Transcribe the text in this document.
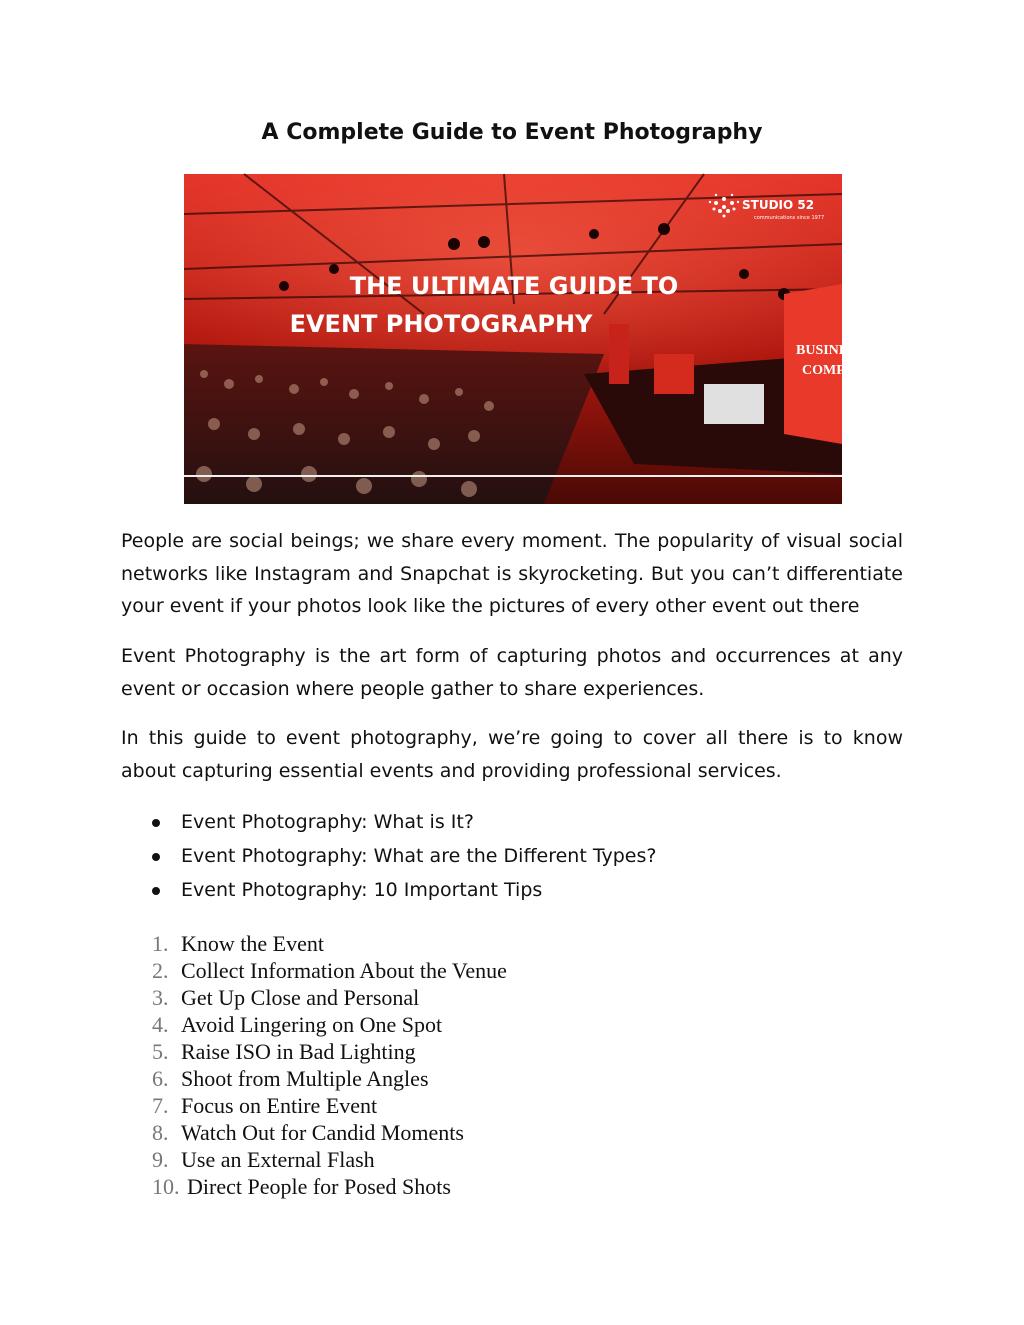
A Complete Guide to Event Photography
BUSINES
COMP
THE ULTIMATE GUIDE TO
EVENT PHOTOGRAPHY
STUDIO 52
communications since 1977
People are social beings; we share every moment. The popularity of visual social networks like Instagram and Snapchat is skyrocketing. But you can’t differentiate your event if your photos look like the pictures of every other event out there
Event Photography is the art form of capturing photos and occurrences at any event or occasion where people gather to share experiences.
In this guide to event photography, we’re going to cover all there is to know about capturing essential events and providing professional services.
Event Photography: What is It?
Event Photography: What are the Different Types?
Event Photography: 10 Important Tips
1. Know the Event
2. Collect Information About the Venue
3. Get Up Close and Personal
4. Avoid Lingering on One Spot
5. Raise ISO in Bad Lighting
6. Shoot from Multiple Angles
7. Focus on Entire Event
8. Watch Out for Candid Moments
9. Use an External Flash
10. Direct People for Posed Shots
